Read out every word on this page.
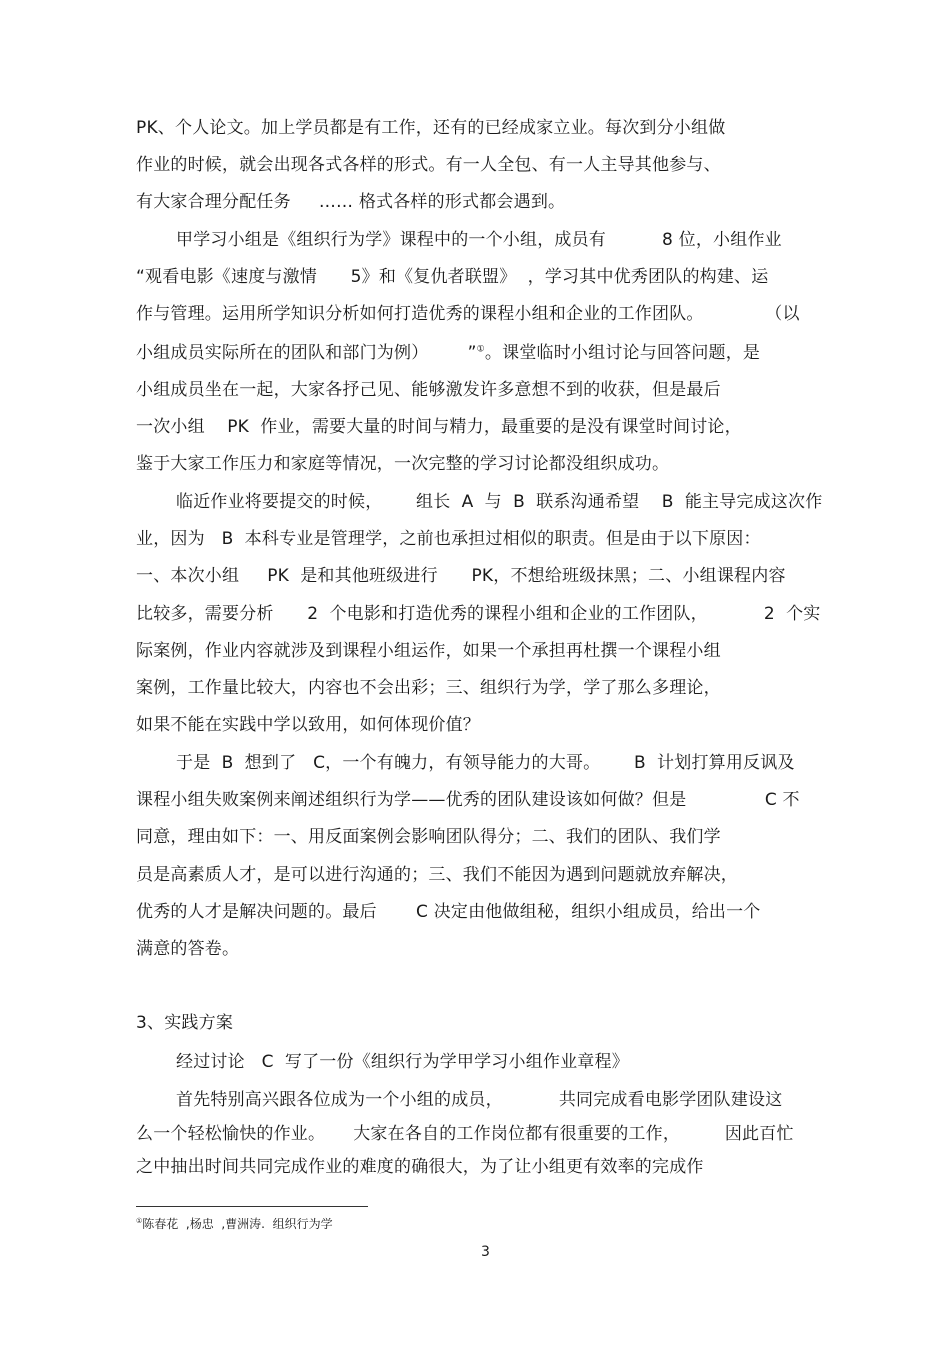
PK、个人论文。加上学员都是有工作，还有的已经成家立业。每次到分小组做
作业的时候，就会出现各式各样的形式。有一人全包、有一人主导其他参与、
有大家合理分配任务     …… 格式各样的形式都会遇到。
甲学习小组是《组织行为学》课程中的一个小组，成员有          8 位，小组作业
“观看电影《速度与激情      5》和《复仇者联盟》  ，学习其中优秀团队的构建、运
作与管理。运用所学知识分析如何打造优秀的课程小组和企业的工作团队。           （以
小组成员实际所在的团队和部门为例）       ”①。课堂临时小组讨论与回答问题，是
小组成员坐在一起，大家各抒己见、能够激发许多意想不到的收获，但是最后
一次小组    PK  作业，需要大量的时间与精力，最重要的是没有课堂时间讨论，
鉴于大家工作压力和家庭等情况，一次完整的学习讨论都没组织成功。
临近作业将要提交的时候，      组长  A  与  B  联系沟通希望    B  能主导完成这次作
业，因为   B  本科专业是管理学，之前也承担过相似的职责。但是由于以下原因：
一、本次小组     PK  是和其他班级进行      PK，不想给班级抹黑；二、小组课程内容
比较多，需要分析      2  个电影和打造优秀的课程小组和企业的工作团队，          2  个实
际案例，作业内容就涉及到课程小组运作，如果一个承担再杜撰一个课程小组
案例，工作量比较大，内容也不会出彩；三、组织行为学，学了那么多理论，
如果不能在实践中学以致用，如何体现价值？
于是  B  想到了   C，一个有魄力，有领导能力的大哥。      B  计划打算用反讽及
课程小组失败案例来阐述组织行为学——优秀的团队建设该如何做？但是              C 不
同意，理由如下：一、用反面案例会影响团队得分；二、我们的团队、我们学
员是高素质人才，是可以进行沟通的；三、我们不能因为遇到问题就放弃解决，
优秀的人才是解决问题的。最后       C 决定由他做组秘，组织小组成员，给出一个
满意的答卷。
3、实践方案
经过讨论   C  写了一份《组织行为学甲学习小组作业章程》
首先特别高兴跟各位成为一个小组的成员，          共同完成看电影学团队建设这
么一个轻松愉快的作业。     大家在各自的工作岗位都有很重要的工作，        因此百忙
之中抽出时间共同完成作业的难度的确很大，为了让小组更有效率的完成作
①陈春花  ,杨忠  ,曹洲涛.  组织行为学
3
